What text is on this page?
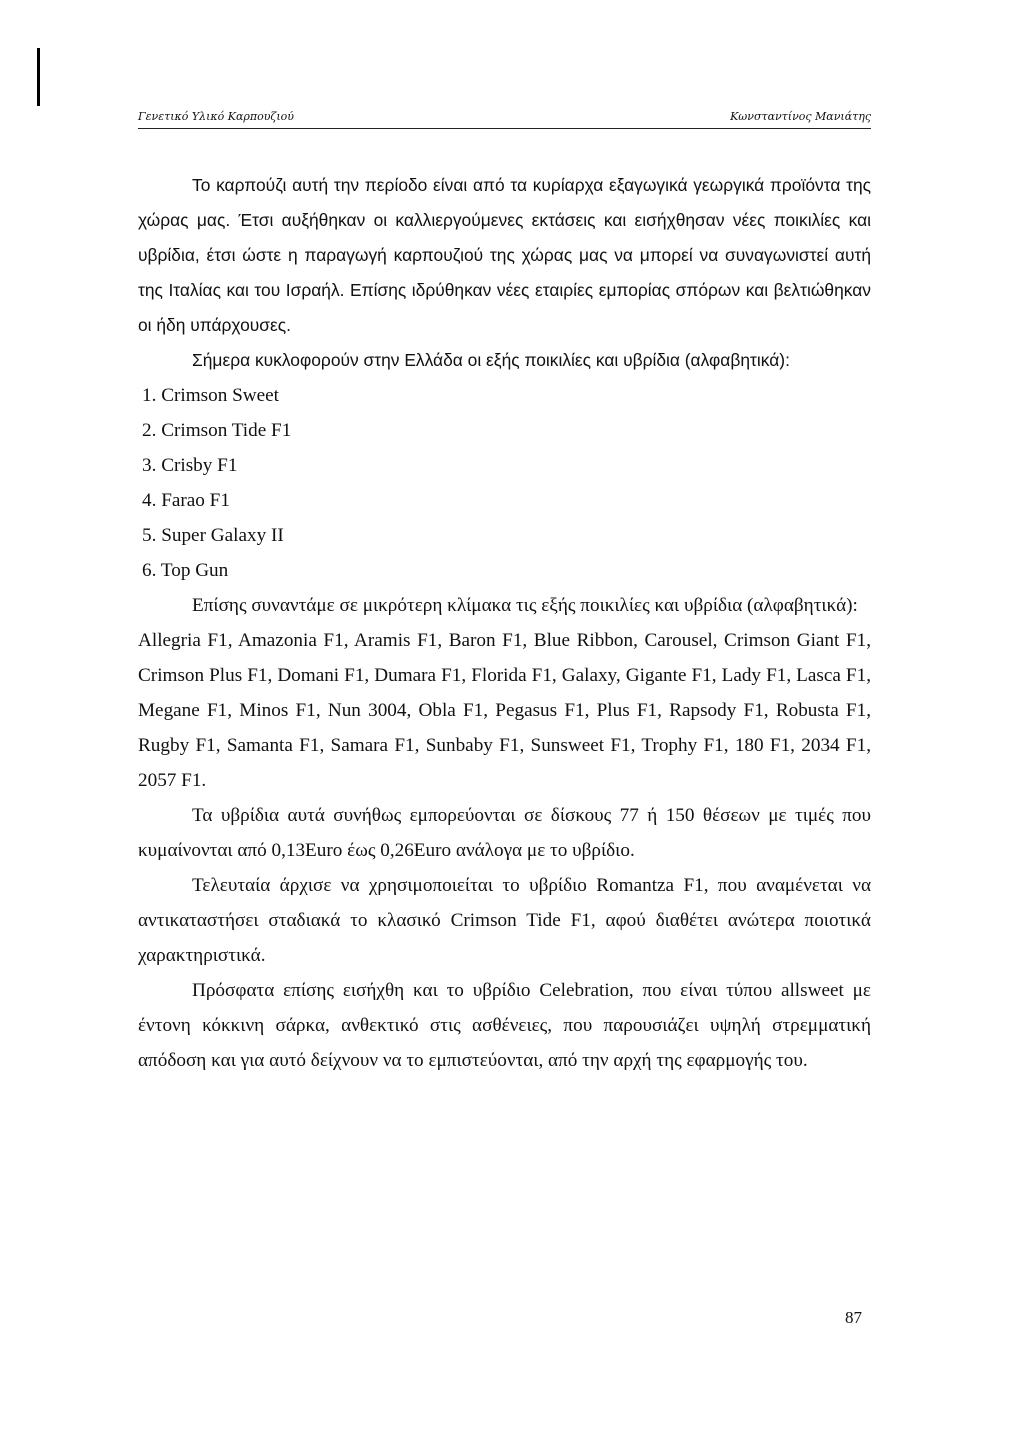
Γενετικό Υλικό Καρπουζιού	Κωνσταντίνος Μανιάτης

Το καρπούζι αυτή την περίοδο είναι από τα κυρίαρχα εξαγωγικά γεωργικά προϊόντα της χώρας μας. Έτσι αυξήθηκαν οι καλλιεργούμενες εκτάσεις και εισήχθησαν νέες ποικιλίες και υβρίδια, έτσι ώστε η παραγωγή καρπουζιού της χώρας μας να μπορεί να συναγωνιστεί αυτή της Ιταλίας και του Ισραήλ. Επίσης ιδρύθηκαν νέες εταιρίες εμπορίας σπόρων και βελτιώθηκαν οι ήδη υπάρχουσες.

Σήμερα κυκλοφορούν στην Ελλάδα οι εξής ποικιλίες και υβρίδια (αλφαβητικά):

1. Crimson Sweet
2. Crimson Tide F1
3. Crisby F1
4. Farao F1
5. Super Galaxy II
6. Top Gun

Επίσης συναντάμε σε μικρότερη κλίμακα τις εξής ποικιλίες και υβρίδια (αλφαβητικά):

Allegria F1, Amazonia F1, Aramis F1, Baron F1, Blue Ribbon, Carousel, Crimson Giant F1, Crimson Plus F1, Domani F1, Dumara F1, Florida F1, Galaxy, Gigante F1, Lady F1, Lasca F1, Megane F1, Minos F1, Nun 3004, Obla F1, Pegasus F1, Plus F1, Rapsody F1, Robusta F1, Rugby F1, Samanta F1, Samara F1, Sunbaby F1, Sunsweet F1, Trophy F1, 180 F1, 2034 F1, 2057 F1.

Τα υβρίδια αυτά συνήθως εμπορεύονται σε δίσκους 77 ή 150 θέσεων με τιμές που κυμαίνονται από 0,13Euro έως 0,26Euro ανάλογα με το υβρίδιο.

Τελευταία άρχισε να χρησιμοποιείται το υβρίδιο Romantza F1, που αναμένεται να αντικαταστήσει σταδιακά το κλασικό Crimson Tide F1, αφού διαθέτει ανώτερα ποιοτικά χαρακτηριστικά.

Πρόσφατα επίσης εισήχθη και το υβρίδιο Celebration, που είναι τύπου allsweet με έντονη κόκκινη σάρκα, ανθεκτικό στις ασθένειες, που παρουσιάζει υψηλή στρεμματική απόδοση και για αυτό δείχνουν να το εμπιστεύονται, από την αρχή της εφαρμογής του.

87
